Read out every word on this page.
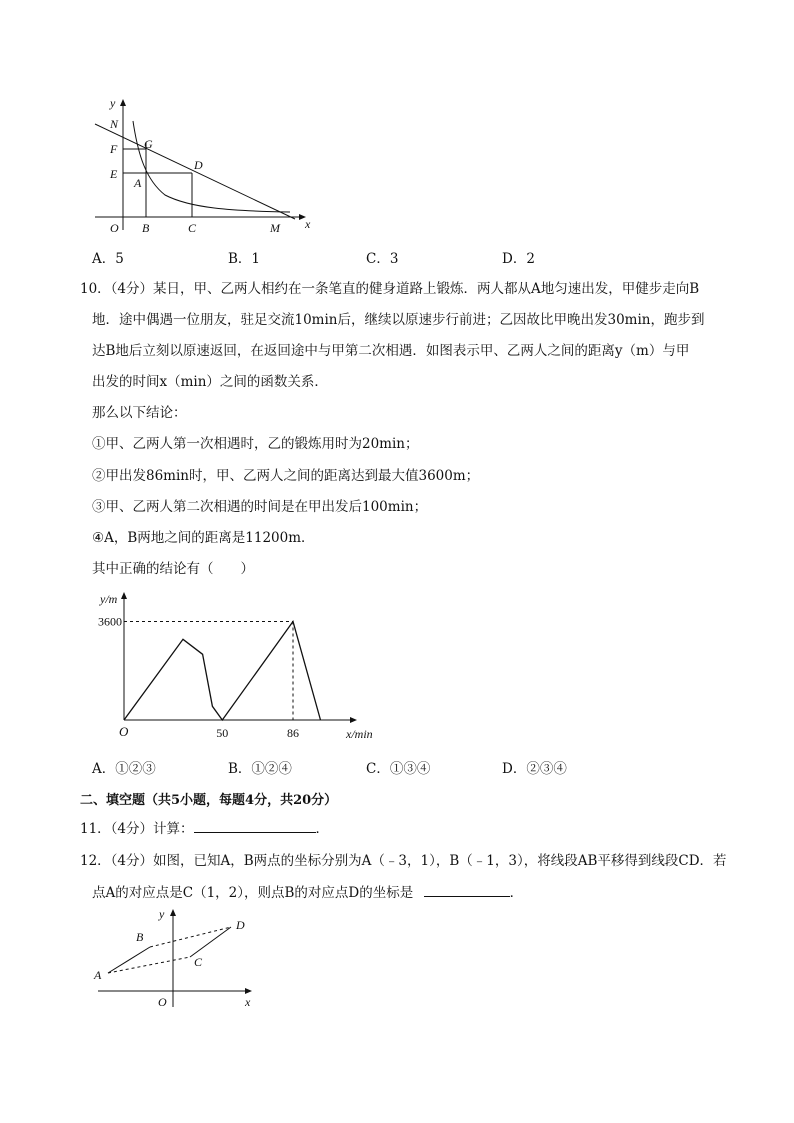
y
N
F G
D
E
A
O B	C	M x
A．5	B．1	C．3	D．2
10．（4分）某日，甲、乙两人相约在一条笔直的健身道路上锻炼．两人都从A地匀速出发，甲健步走向B
地．途中偶遇一位朋友，驻足交流10min后，继续以原速步行前进；乙因故比甲晚出发30min，跑步到
达B地后立刻以原速返回，在返回途中与甲第二次相遇．如图表示甲、乙两人之间的距离y（m）与甲
出发的时间x（min）之间的函数关系．
那么以下结论：
①甲、乙两人第一次相遇时，乙的锻炼用时为20min；
②甲出发86min时，甲、乙两人之间的距离达到最大值3600m；
③甲、乙两人第二次相遇的时间是在甲出发后100min；
④A，B两地之间的距离是11200m．
其中正确的结论有（　　）
y/m
3600
O	50	86	x/min
A．①②③	B．①②④	C．①③④	D．②③④
二、填空题（共5小题，每题4分，共20分）
11．（4分）计算：	．
12．（4分）如图，已知A，B两点的坐标分别为A（﹣3，1），B（﹣1，3），将线段AB平移得到线段CD．若
点A的对应点是C（1，2），则点B的对应点D的坐标是	．
y
D
B
C
A
O	x
